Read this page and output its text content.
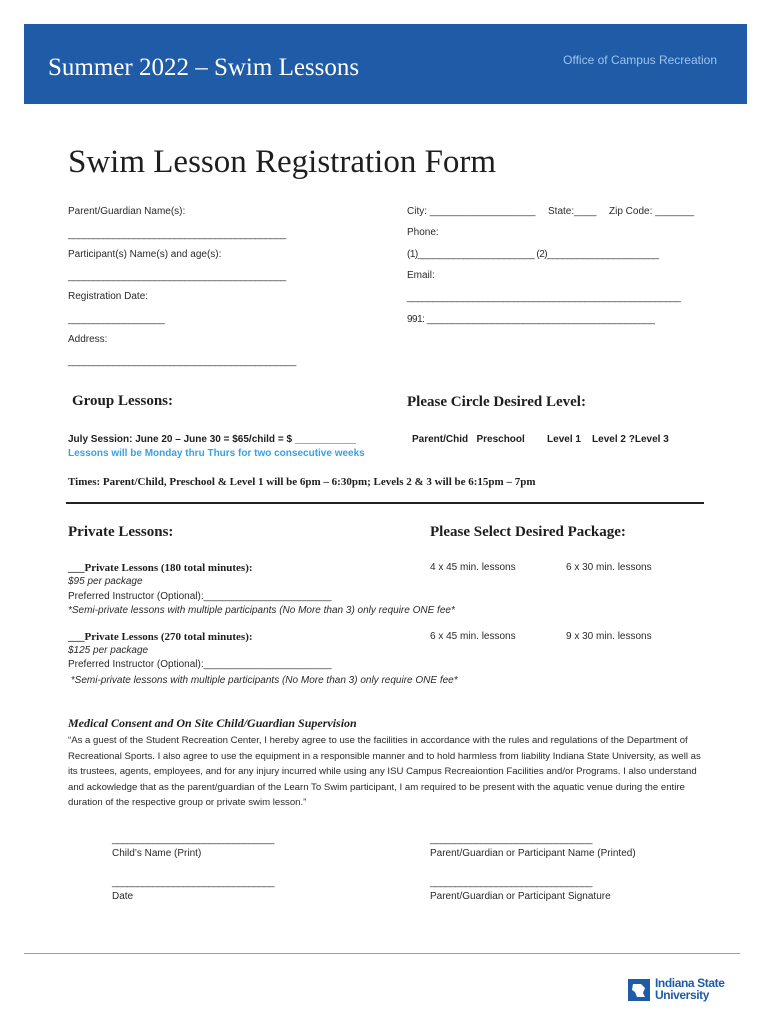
Summer 2022 – Swim Lessons	Office of Campus Recreation
Swim Lesson Registration Form
Parent/Guardian Name(s):
___________________________________________
Participant(s) Name(s) and age(s):
___________________________________________
Registration Date:
___________________
Address:
_____________________________________________
City: ___________________ State:____ Zip Code: _______
Phone:
(1)_______________________ (2)______________________
Email:
______________________________________________________
991: _____________________________________________
Group Lessons:	Please Circle Desired Level:
July Session: June 20 – June 30 = $65/child = $ ___________
Lessons will be Monday thru Thurs for two consecutive weeks
Parent/Chid   Preschool        Level 1    Level 2 ?Level 3
Times: Parent/Child, Preschool & Level 1 will be 6pm – 6:30pm; Levels 2 & 3 will be 6:15pm – 7pm
Private Lessons:	Please Select Desired Package:
___Private Lessons (180 total minutes):	4 x 45 min. lessons	6 x 30 min. lessons
$95 per package
Preferred Instructor (Optional):_______________________
*Semi-private lessons with multiple participants (No More than 3) only require ONE fee*
___Private Lessons (270 total minutes):	6 x 45 min. lessons	9 x 30 min. lessons
$125 per package
Preferred Instructor (Optional):_______________________
*Semi-private lessons with multiple participants (No More than 3) only require ONE fee*
Medical Consent and On Site Child/Guardian Supervision
“As a guest of the Student Recreation Center, I hereby agree to use the facilities in accordance with the rules and regulations of the Department of Recreational Sports. I also agree to use the equipment in a responsible manner and to hold harmless from liability Indiana State University, as well as its trustees, agents, employees, and for any injury incurred while using any ISU Campus Recreaiontion Facilities and/or Programs. I also understand and ackowledge that as the parent/guardian of the Learn To Swim participant, I am required to be present with the aquatic venue during the entire duration of the respective group or private swim lesson.”
________________________________	________________________________
Child’s Name (Print)	Parent/Guardian or Participant Name (Printed)
________________________________	________________________________
Date	Parent/Guardian or Participant Signature
Indiana State
University
